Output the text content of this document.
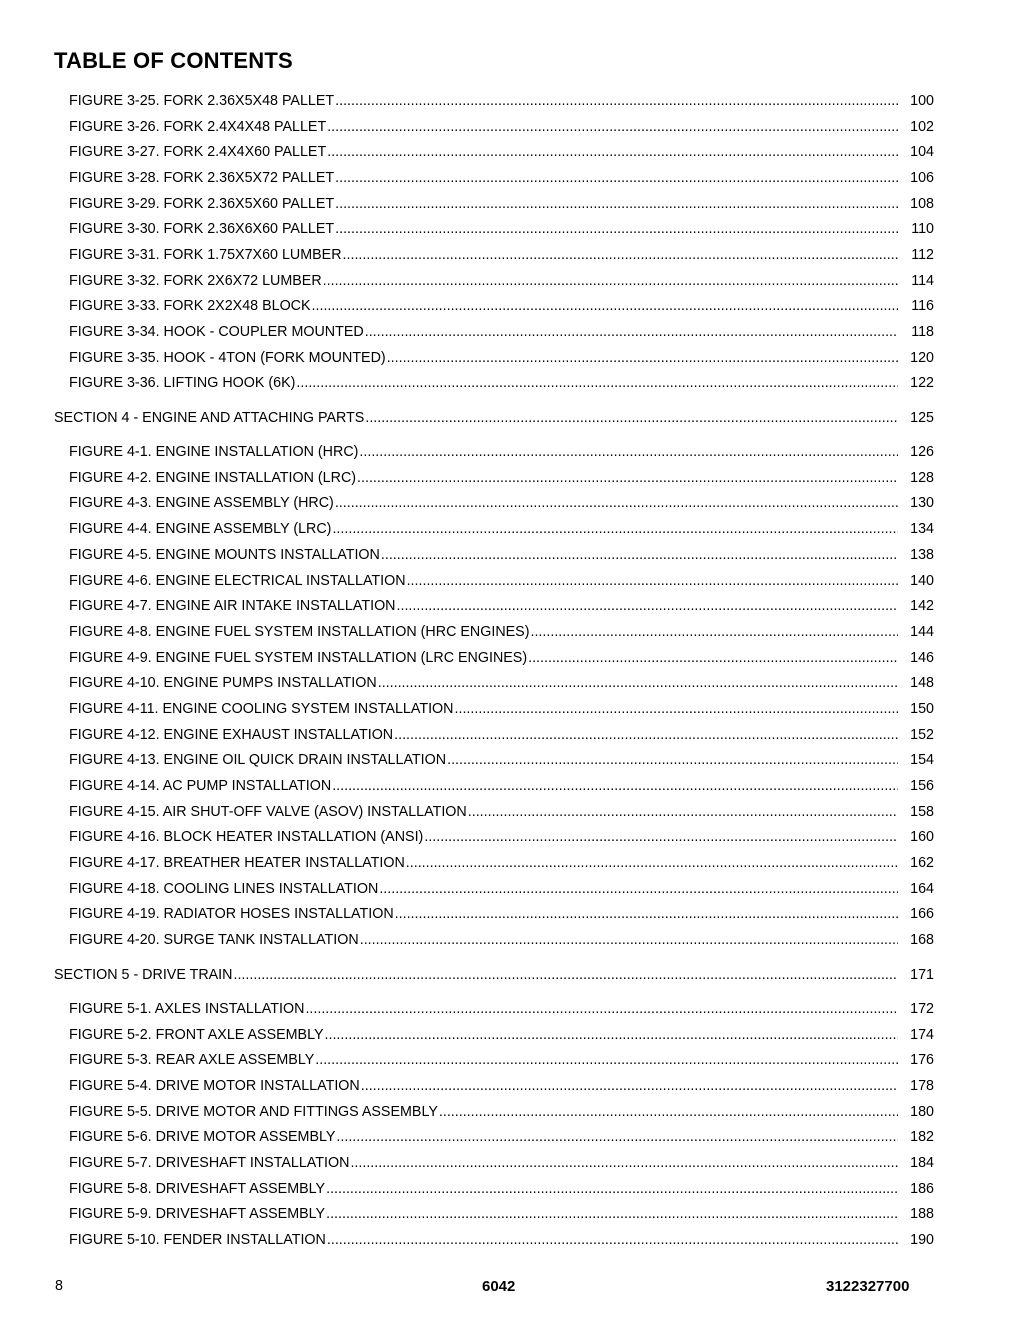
TABLE OF CONTENTS
FIGURE 3-25. FORK 2.36X5X48 PALLET .....	100
FIGURE 3-26. FORK 2.4X4X48 PALLET .....	102
FIGURE 3-27. FORK 2.4X4X60 PALLET .....	104
FIGURE 3-28. FORK 2.36X5X72 PALLET .....	106
FIGURE 3-29. FORK 2.36X5X60 PALLET .....	108
FIGURE 3-30. FORK 2.36X6X60 PALLET .....	110
FIGURE 3-31. FORK 1.75X7X60 LUMBER .....	112
FIGURE 3-32. FORK 2X6X72 LUMBER .....	114
FIGURE 3-33. FORK 2X2X48 BLOCK .....	116
FIGURE 3-34. HOOK - COUPLER MOUNTED .....	118
FIGURE 3-35. HOOK - 4TON (FORK MOUNTED) .....	120
FIGURE 3-36. LIFTING HOOK (6K) .....	122
SECTION 4 - ENGINE AND ATTACHING PARTS .....	125
FIGURE 4-1. ENGINE INSTALLATION (HRC) .....	126
FIGURE 4-2. ENGINE INSTALLATION (LRC) .....	128
FIGURE 4-3. ENGINE ASSEMBLY (HRC) .....	130
FIGURE 4-4. ENGINE ASSEMBLY (LRC) .....	134
FIGURE 4-5. ENGINE MOUNTS INSTALLATION .....	138
FIGURE 4-6. ENGINE ELECTRICAL INSTALLATION .....	140
FIGURE 4-7. ENGINE AIR INTAKE INSTALLATION .....	142
FIGURE 4-8. ENGINE FUEL SYSTEM INSTALLATION (HRC ENGINES) .....	144
FIGURE 4-9. ENGINE FUEL SYSTEM INSTALLATION (LRC ENGINES) .....	146
FIGURE 4-10. ENGINE PUMPS INSTALLATION .....	148
FIGURE 4-11. ENGINE COOLING SYSTEM INSTALLATION .....	150
FIGURE 4-12. ENGINE EXHAUST INSTALLATION .....	152
FIGURE 4-13. ENGINE OIL QUICK DRAIN INSTALLATION .....	154
FIGURE 4-14. AC PUMP INSTALLATION .....	156
FIGURE 4-15. AIR SHUT-OFF VALVE (ASOV) INSTALLATION .....	158
FIGURE 4-16. BLOCK HEATER INSTALLATION (ANSI) .....	160
FIGURE 4-17. BREATHER HEATER INSTALLATION .....	162
FIGURE 4-18. COOLING LINES INSTALLATION .....	164
FIGURE 4-19. RADIATOR HOSES INSTALLATION .....	166
FIGURE 4-20. SURGE TANK INSTALLATION .....	168
SECTION 5 - DRIVE TRAIN .....	171
FIGURE 5-1. AXLES INSTALLATION .....	172
FIGURE 5-2. FRONT AXLE ASSEMBLY .....	174
FIGURE 5-3. REAR AXLE ASSEMBLY .....	176
FIGURE 5-4. DRIVE MOTOR INSTALLATION .....	178
FIGURE 5-5. DRIVE MOTOR AND FITTINGS ASSEMBLY .....	180
FIGURE 5-6. DRIVE MOTOR ASSEMBLY .....	182
FIGURE 5-7. DRIVESHAFT INSTALLATION .....	184
FIGURE 5-8. DRIVESHAFT ASSEMBLY .....	186
FIGURE 5-9. DRIVESHAFT ASSEMBLY .....	188
FIGURE 5-10. FENDER INSTALLATION .....	190
8	6042	3122327700
